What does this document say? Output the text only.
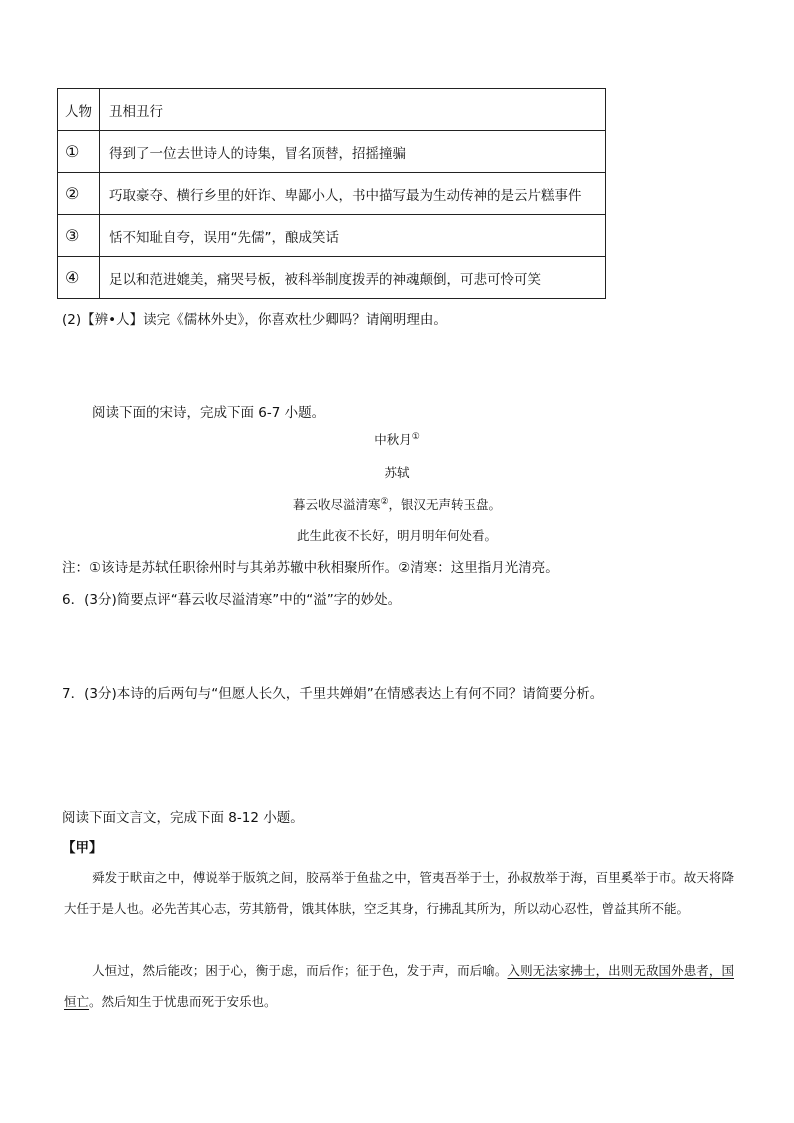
人物	丑相丑行
①	得到了一位去世诗人的诗集，冒名顶替，招摇撞骗
②	巧取豪夺、横行乡里的奸诈、卑鄙小人，书中描写最为生动传神的是云片糕事件
③	恬不知耻自夸，误用“先儒”，酿成笑话
④	足以和范进媲美，痛哭号板，被科举制度拨弄的神魂颠倒，可悲可怜可笑
(2)【辨•人】读完《儒林外史》，你喜欢杜少卿吗？请阐明理由。
阅读下面的宋诗，完成下面 6-7 小题。
中秋月①
苏轼
暮云收尽溢清寒②，银汉无声转玉盘。
此生此夜不长好，明月明年何处看。
注：①该诗是苏轼任职徐州时与其弟苏辙中秋相聚所作。②清寒：这里指月光清亮。
6．(3分)简要点评“暮云收尽溢清寒”中的“溢”字的妙处。
7．(3分)本诗的后两句与“但愿人长久，千里共婵娟”在情感表达上有何不同？请简要分析。
阅读下面文言文，完成下面 8-12 小题。
【甲】
舜发于畎亩之中，傅说举于版筑之间，胶鬲举于鱼盐之中，管夷吾举于士，孙叔敖举于海，百里奚举于市。故天将降大任于是人也。必先苦其心志，劳其筋骨，饿其体肤，空乏其身，行拂乱其所为，所以动心忍性，曾益其所不能。
人恒过，然后能改；困于心，衡于虑，而后作；征于色，发于声，而后喻。入则无法家拂士，出则无敌国外患者，国恒亡。然后知生于忧患而死于安乐也。
